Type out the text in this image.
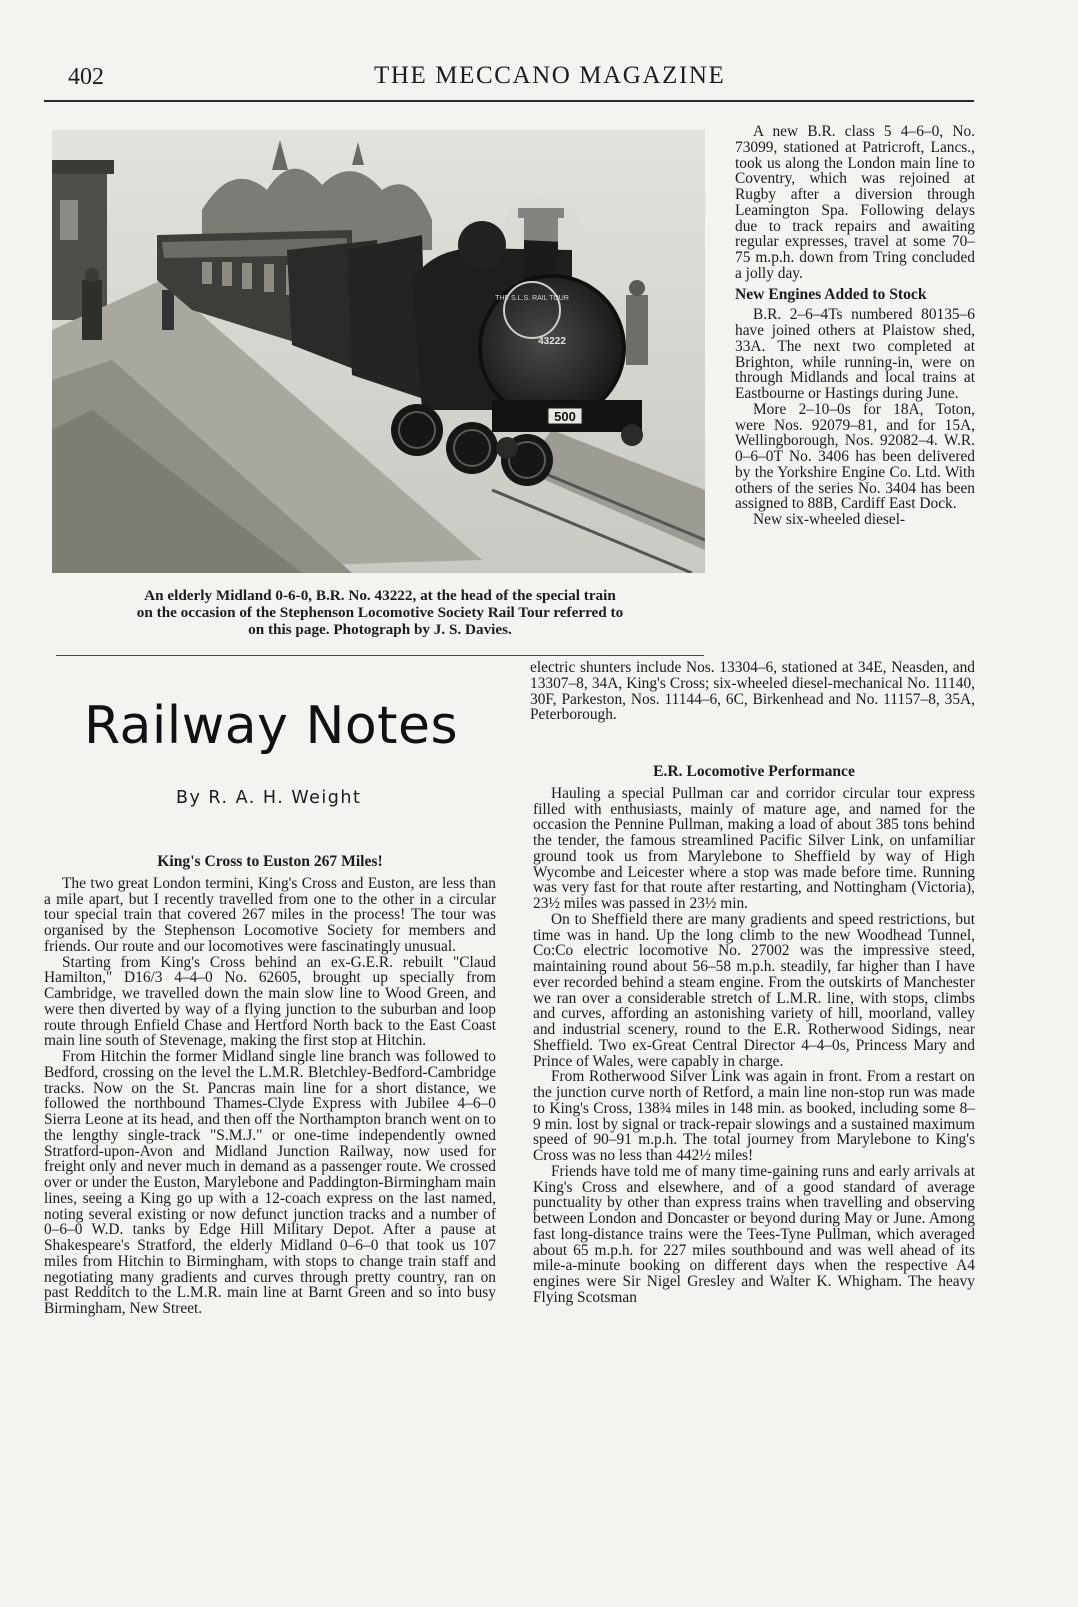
402	THE MECCANO MAGAZINE
THE S.L.S. RAIL TOUR
43222
500
An elderly Midland 0-6-0, B.R. No. 43222, at the head of the special train
on the occasion of the Stephenson Locomotive Society Rail Tour referred to
on this page. Photograph by J. S. Davies.
Railway Notes
By R. A. H. Weight

A new B.R. class 5 4–6–0, No. 73099, stationed at Patricroft, Lancs., took us along the London main line to Coventry, which was rejoined at Rugby after a diversion through Leamington Spa. Following delays due to track repairs and awaiting regular expresses, travel at some 70–75 m.p.h. down from Tring concluded a jolly day.

New Engines Added to Stock

B.R. 2–6–4Ts numbered 80135–6 have joined others at Plaistow shed, 33A. The next two completed at Brighton, while running-in, were on through Midlands and local trains at Eastbourne or Hastings during June.

More 2–10–0s for 18A, Toton, were Nos. 92079–81, and for 15A, Wellingborough, Nos. 92082–4. W.R. 0–6–0T No. 3406 has been delivered by the Yorkshire Engine Co. Ltd. With others of the series No. 3404 has been assigned to 88B, Cardiff East Dock.

New six-wheeled diesel-

electric shunters include Nos. 13304–6, stationed at 34E, Neasden, and 13307–8, 34A, King's Cross; six-wheeled diesel-mechanical No. 11140, 30F, Parkeston, Nos. 11144–6, 6C, Birkenhead and No. 11157–8, 35A, Peterborough.

King's Cross to Euston 267 Miles!

The two great London termini, King's Cross and Euston, are less than a mile apart, but I recently travelled from one to the other in a circular tour special train that covered 267 miles in the process! The tour was organised by the Stephenson Locomotive Society for members and friends. Our route and our locomotives were fascinatingly unusual.

Starting from King's Cross behind an ex-G.E.R. rebuilt "Claud Hamilton," D16/3 4–4–0 No. 62605, brought up specially from Cambridge, we travelled down the main slow line to Wood Green, and were then diverted by way of a flying junction to the suburban and loop route through Enfield Chase and Hertford North back to the East Coast main line south of Stevenage, making the first stop at Hitchin.

From Hitchin the former Midland single line branch was followed to Bedford, crossing on the level the L.M.R. Bletchley-Bedford-Cambridge tracks. Now on the St. Pancras main line for a short distance, we followed the northbound Thames-Clyde Express with Jubilee 4–6–0 Sierra Leone at its head, and then off the Northampton branch went on to the lengthy single-track "S.M.J." or one-time independently owned Stratford-upon-Avon and Midland Junction Railway, now used for freight only and never much in demand as a passenger route. We crossed over or under the Euston, Marylebone and Paddington-Birmingham main lines, seeing a King go up with a 12-coach express on the last named, noting several existing or now defunct junction tracks and a number of 0–6–0 W.D. tanks by Edge Hill Military Depot. After a pause at Shakespeare's Stratford, the elderly Midland 0–6–0 that took us 107 miles from Hitchin to Birmingham, with stops to change train staff and negotiating many gradients and curves through pretty country, ran on past Redditch to the L.M.R. main line at Barnt Green and so into busy Birmingham, New Street.

E.R. Locomotive Performance

Hauling a special Pullman car and corridor circular tour express filled with enthusiasts, mainly of mature age, and named for the occasion the Pennine Pullman, making a load of about 385 tons behind the tender, the famous streamlined Pacific Silver Link, on unfamiliar ground took us from Marylebone to Sheffield by way of High Wycombe and Leicester where a stop was made before time. Running was very fast for that route after restarting, and Nottingham (Victoria), 23½ miles was passed in 23½ min.

On to Sheffield there are many gradients and speed restrictions, but time was in hand. Up the long climb to the new Woodhead Tunnel, Co:Co electric locomotive No. 27002 was the impressive steed, maintaining round about 56–58 m.p.h. steadily, far higher than I have ever recorded behind a steam engine. From the outskirts of Manchester we ran over a considerable stretch of L.M.R. line, with stops, climbs and curves, affording an astonishing variety of hill, moorland, valley and industrial scenery, round to the E.R. Rotherwood Sidings, near Sheffield. Two ex-Great Central Director 4–4–0s, Princess Mary and Prince of Wales, were capably in charge.

From Rotherwood Silver Link was again in front. From a restart on the junction curve north of Retford, a main line non-stop run was made to King's Cross, 138¾ miles in 148 min. as booked, including some 8–9 min. lost by signal or track-repair slowings and a sustained maximum speed of 90–91 m.p.h. The total journey from Marylebone to King's Cross was no less than 442½ miles!

Friends have told me of many time-gaining runs and early arrivals at King's Cross and elsewhere, and of a good standard of average punctuality by other than express trains when travelling and observing between London and Doncaster or beyond during May or June. Among fast long-distance trains were the Tees-Tyne Pullman, which averaged about 65 m.p.h. for 227 miles southbound and was well ahead of its mile-a-minute booking on different days when the respective A4 engines were Sir Nigel Gresley and Walter K. Whigham. The heavy Flying Scotsman
